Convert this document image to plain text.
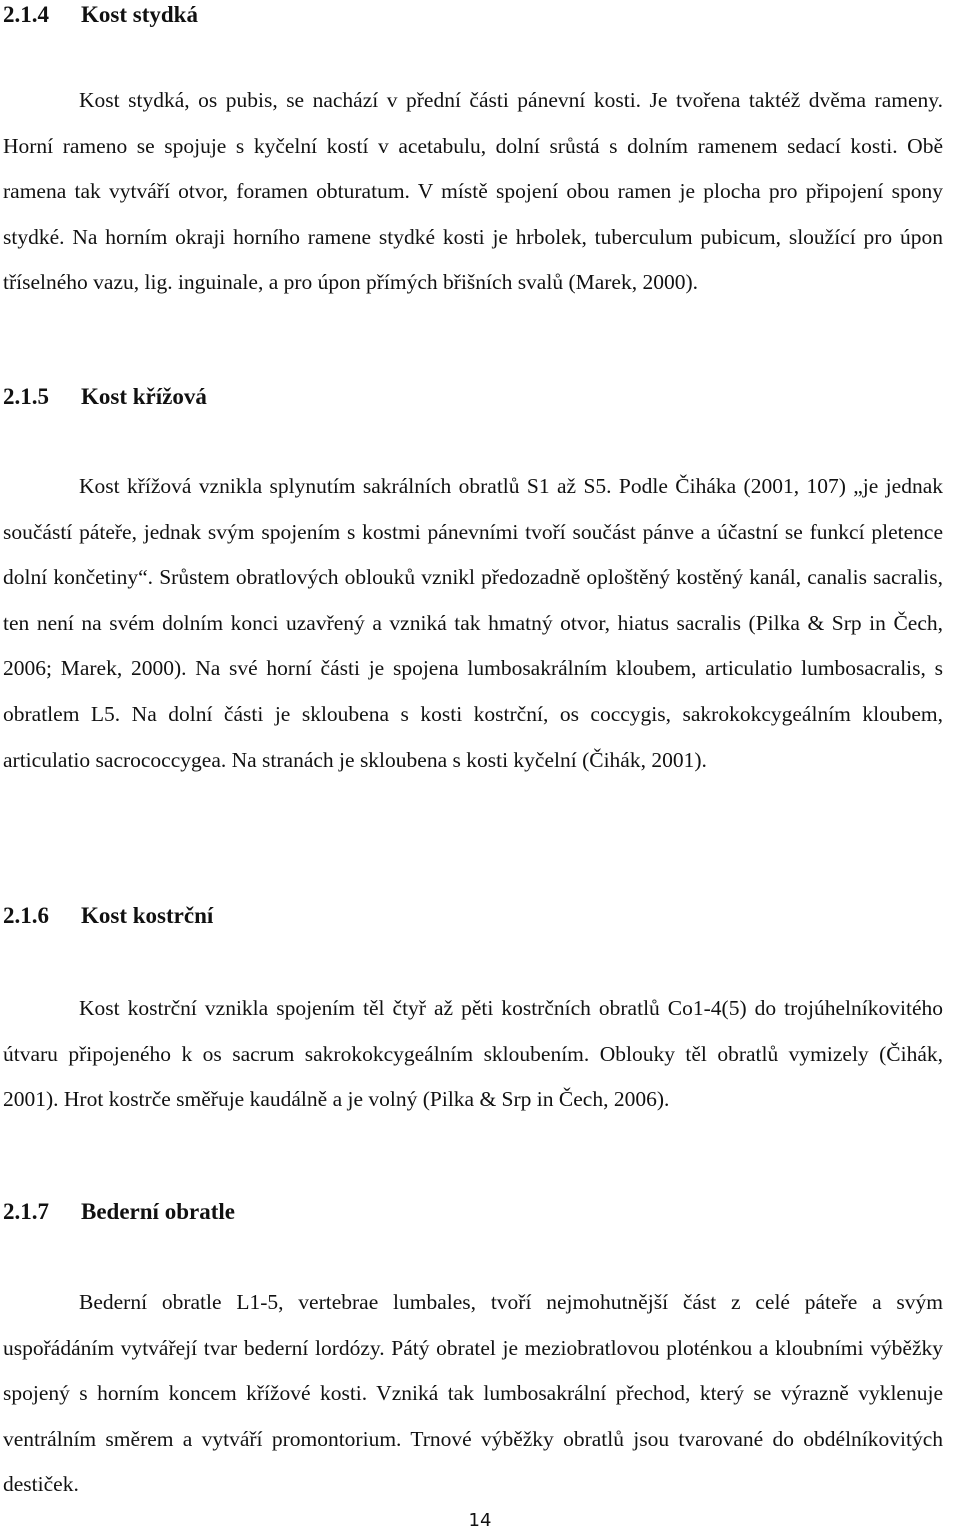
2.1.4 Kost stydká

Kost stydká, os pubis, se nachází v přední části pánevní kosti. Je tvořena taktéž dvěma rameny. Horní rameno se spojuje s kyčelní kostí v acetabulu, dolní srůstá s dolním ramenem sedací kosti. Obě ramena tak vytváří otvor, foramen obturatum. V místě spojení obou ramen je plocha pro připojení spony stydké. Na horním okraji horního ramene stydké kosti je hrbolek, tuberculum pubicum, sloužící pro úpon tříselného vazu, lig. inguinale, a pro úpon přímých břišních svalů (Marek, 2000).

2.1.5 Kost křížová

Kost křížová vznikla splynutím sakrálních obratlů S1 až S5. Podle Čiháka (2001, 107) „je jednak součástí páteře, jednak svým spojením s kostmi pánevními tvoří součást pánve a účastní se funkcí pletence dolní končetiny“. Srůstem obratlových oblouků vznikl předozadně oploštěný kostěný kanál, canalis sacralis, ten není na svém dolním konci uzavřený a vzniká tak hmatný otvor, hiatus sacralis (Pilka & Srp in Čech, 2006; Marek, 2000). Na své horní části je spojena lumbosakrálním kloubem, articulatio lumbosacralis, s obratlem L5. Na dolní části je skloubena s kosti kostrční, os coccygis, sakrokokcygeálním kloubem, articulatio sacrococcygea. Na stranách je skloubena s kosti kyčelní (Čihák, 2001).

2.1.6 Kost kostrční

Kost kostrční vznikla spojením těl čtyř až pěti kostrčních obratlů Co1-4(5) do trojúhelníkovitého útvaru připojeného k os sacrum sakrokokcygeálním skloubením. Oblouky těl obratlů vymizely (Čihák, 2001). Hrot kostrče směřuje kaudálně a je volný (Pilka & Srp in Čech, 2006).

2.1.7 Bederní obratle

Bederní obratle L1-5, vertebrae lumbales, tvoří nejmohutnější část z celé páteře a svým uspořádáním vytvářejí tvar bederní lordózy. Pátý obratel je meziobratlovou ploténkou a kloubními výběžky spojený s horním koncem křížové kosti. Vzniká tak lumbosakrální přechod, který se výrazně vyklenuje ventrálním směrem a vytváří promontorium. Trnové výběžky obratlů jsou tvarované do obdélníkovitých destiček.

14
